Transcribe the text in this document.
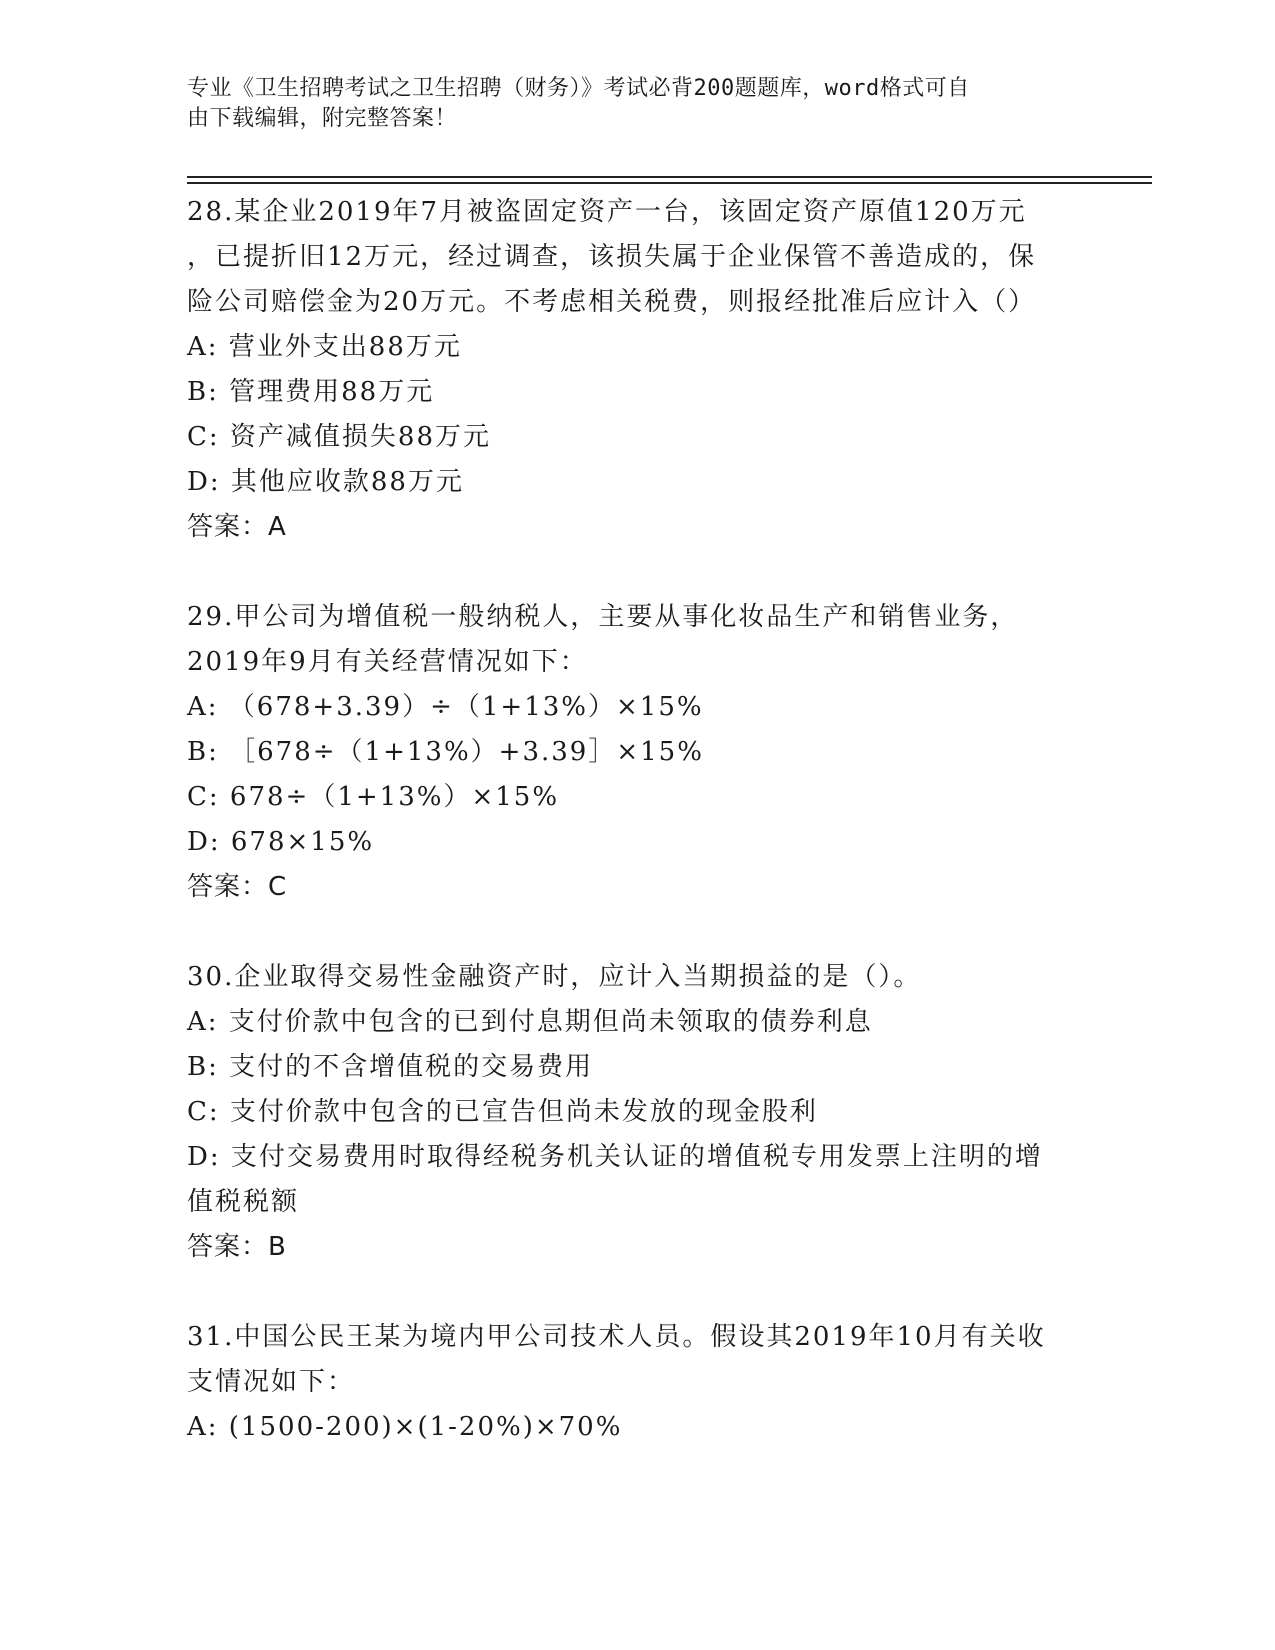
专业《卫生招聘考试之卫生招聘（财务）》考试必背200题题库，word格式可自
由下载编辑，附完整答案！
28.某企业2019年7月被盗固定资产一台，该固定资产原值120万元
，已提折旧12万元，经过调查，该损失属于企业保管不善造成的，保
险公司赔偿金为20万元。不考虑相关税费，则报经批准后应计入（）
A: 营业外支出88万元
B: 管理费用88万元
C: 资产减值损失88万元
D: 其他应收款88万元
答案：A
29.甲公司为增值税一般纳税人，主要从事化妆品生产和销售业务，
2019年9月有关经营情况如下：
A: （678+3.39）÷（1+13%）×15%
B: ［678÷（1+13%）+3.39］×15%
C: 678÷（1+13%）×15%
D: 678×15%
答案：C
30.企业取得交易性金融资产时，应计入当期损益的是（）。
A: 支付价款中包含的已到付息期但尚未领取的债券利息
B: 支付的不含增值税的交易费用
C: 支付价款中包含的已宣告但尚未发放的现金股利
D: 支付交易费用时取得经税务机关认证的增值税专用发票上注明的增
值税税额
答案：B
31.中国公民王某为境内甲公司技术人员。假设其2019年10月有关收
支情况如下：
A: (1500-200)×(1-20%)×70%
